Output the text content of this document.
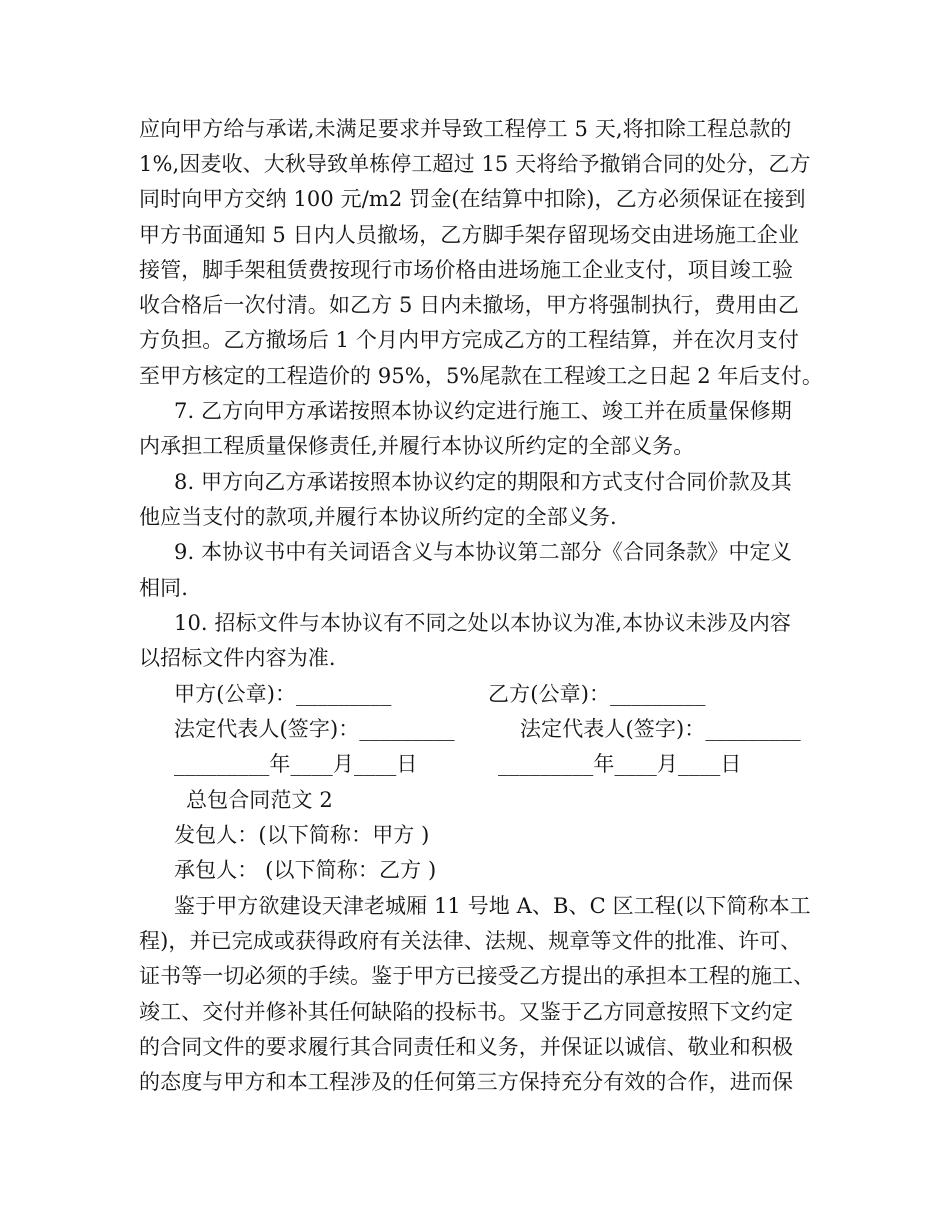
应向甲方给与承诺,未满足要求并导致工程停工 5 天,将扣除工程总款的
1%,因麦收、大秋导致单栋停工超过 15 天将给予撤销合同的处分，乙方
同时向甲方交纳 100 元/m2 罚金(在结算中扣除)，乙方必须保证在接到
甲方书面通知 5 日内人员撤场，乙方脚手架存留现场交由进场施工企业
接管，脚手架租赁费按现行市场价格由进场施工企业支付，项目竣工验
收合格后一次付清。如乙方 5 日内未撤场，甲方将强制执行，费用由乙
方负担。乙方撤场后 1 个月内甲方完成乙方的工程结算，并在次月支付
至甲方核定的工程造价的 95%，5%尾款在工程竣工之日起 2 年后支付。
7. 乙方向甲方承诺按照本协议约定进行施工、竣工并在质量保修期
内承担工程质量保修责任,并履行本协议所约定的全部义务。
8. 甲方向乙方承诺按照本协议约定的期限和方式支付合同价款及其
他应当支付的款项,并履行本协议所约定的全部义务.
9. 本协议书中有关词语含义与本协议第二部分《合同条款》中定义
相同.
10. 招标文件与本协议有不同之处以本协议为准,本协议未涉及内容
以招标文件内容为准.
甲方(公章)：_________	乙方(公章)：_________
法定代表人(签字)：_________	法定代表人(签字)：_________
_________年____月____日	_________年____月____日
总包合同范文 2
发包人：(以下简称：甲方 )
承包人： (以下简称：乙方 )
鉴于甲方欲建设天津老城厢 11 号地 A、B、C 区工程(以下简称本工
程)，并已完成或获得政府有关法律、法规、规章等文件的批准、许可、
证书等一切必须的手续。鉴于甲方已接受乙方提出的承担本工程的施工、
竣工、交付并修补其任何缺陷的投标书。又鉴于乙方同意按照下文约定
的合同文件的要求履行其合同责任和义务，并保证以诚信、敬业和积极
的态度与甲方和本工程涉及的任何第三方保持充分有效的合作，进而保
